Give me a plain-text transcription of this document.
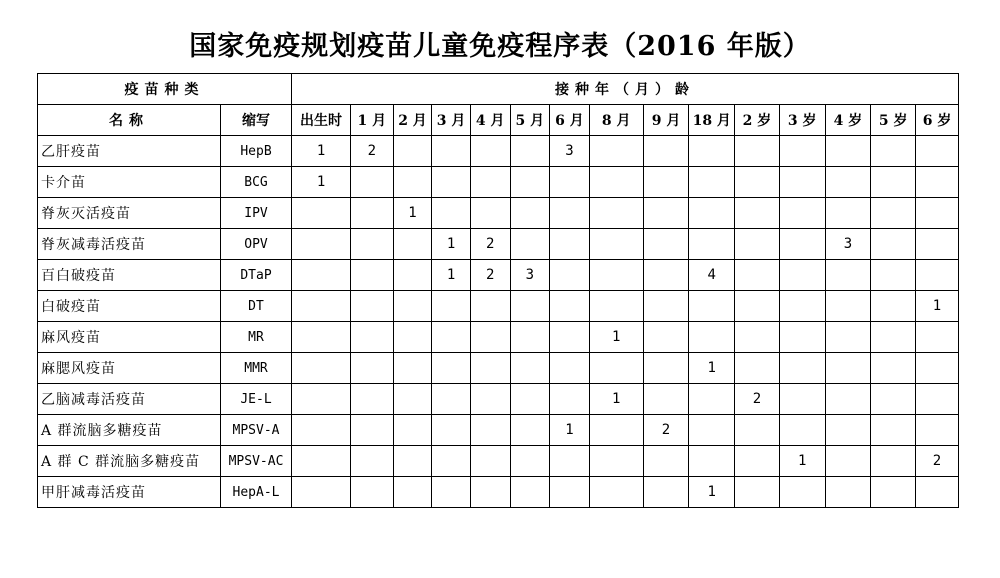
国家免疫规划疫苗儿童免疫程序表（2016 年版）
疫苗种类		接种年（月）龄														
名称	缩写	出生时	1 月	2 月	3 月	4 月	5 月	6 月	8 月	9 月	18 月	2 岁	3 岁	4 岁	5 岁	6 岁
乙肝疫苗	HepB	1	2					3								
卡介苗	BCG	1														
脊灰灭活疫苗	IPV			1												
脊灰减毒活疫苗	OPV				1	2								3		
百白破疫苗	DTaP				1	2	3				4					
白破疫苗	DT															1
麻风疫苗	MR								1							
麻腮风疫苗	MMR										1					
乙脑减毒活疫苗	JE-L								1			2				
A 群流脑多糖疫苗	MPSV-A							1		2						
A 群 C 群流脑多糖疫苗	MPSV-AC												1			2
甲肝减毒活疫苗	HepA-L										1					
